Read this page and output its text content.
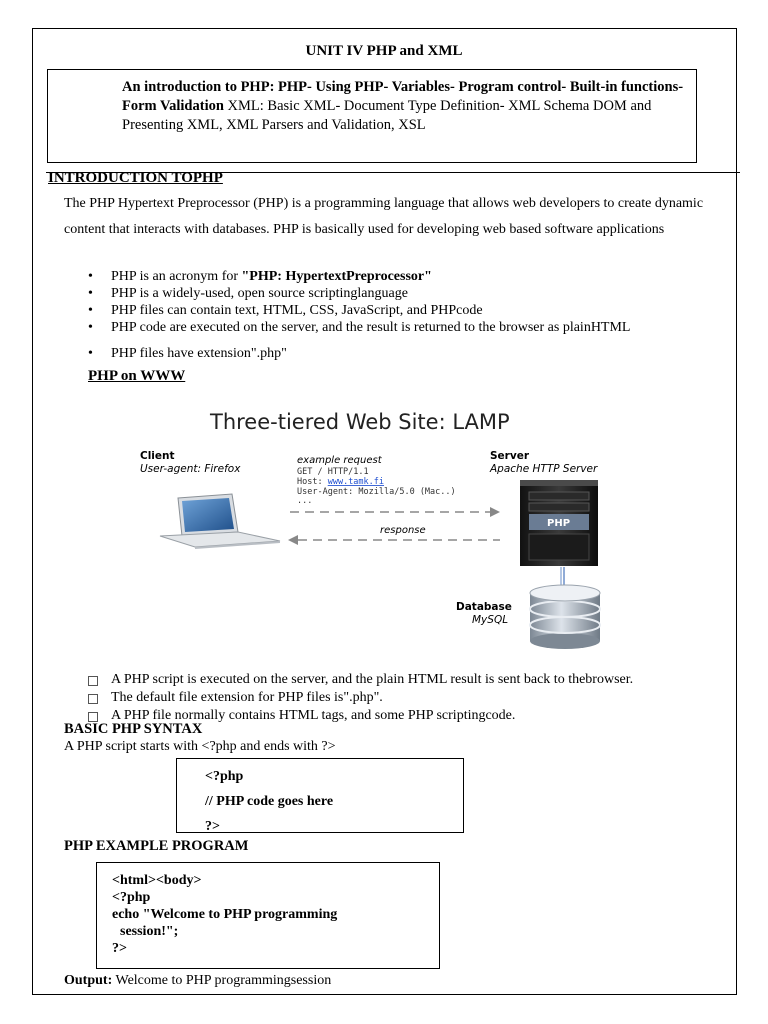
UNIT IV PHP and XML
An introduction to PHP: PHP- Using PHP- Variables- Program control- Built-in functions-Form Validation XML: Basic XML- Document Type Definition- XML Schema DOM and Presenting XML, XML Parsers and Validation, XSL
INTRODUCTION TOPHP
The PHP Hypertext Preprocessor (PHP) is a programming language that allows web developers to create dynamic content that interacts with databases. PHP is basically used for developing web based software applications
• PHP is an acronym for "PHP: HypertextPreprocessor"
• PHP is a widely-used, open source scriptinglanguage
• PHP files can contain text, HTML, CSS, JavaScript, and PHPcode
• PHP code are executed on the server, and the result is returned to the browser as plainHTML
• PHP files have extension".php"
PHP on WWW
Three-tiered Web Site: LAMP
Client
User-agent: Firefox
example request
GET / HTTP/1.1
Host: www.tamk.fi
User-Agent: Mozilla/5.0 (Mac..)
...
Server
Apache HTTP Server
response
PHP
Database
MySQL
A PHP script is executed on the server, and the plain HTML result is sent back to thebrowser.
The default file extension for PHP files is".php".
A PHP file normally contains HTML tags, and some PHP scriptingcode.
BASIC PHP SYNTAX
A PHP script starts with <?php and ends with ?>
<?php
// PHP code goes here
?>
PHP EXAMPLE PROGRAM
<html><body>
<?php
echo "Welcome to PHP programming
session!";
?>
Output: Welcome to PHP programmingsession
